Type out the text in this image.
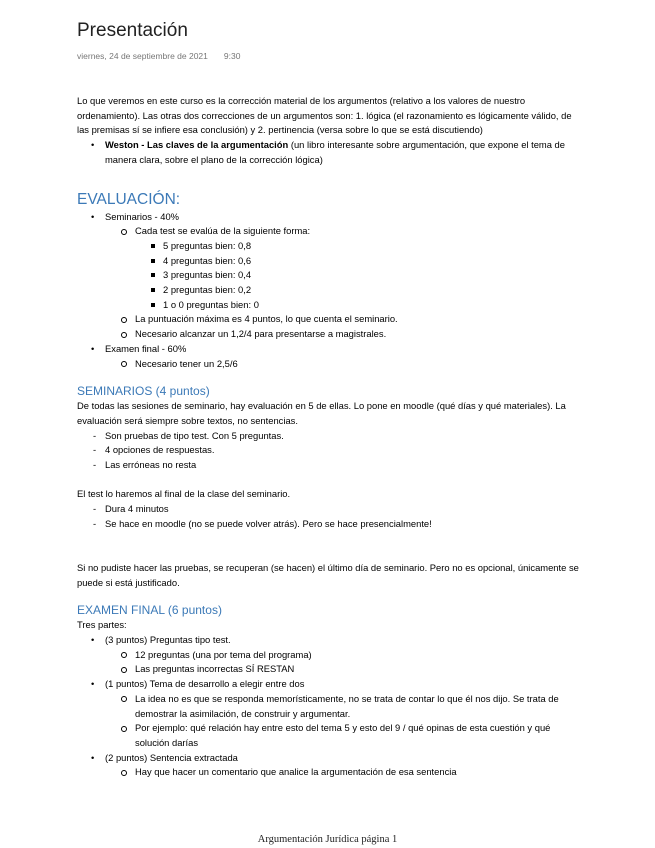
Presentación
viernes, 24 de septiembre de 2021 9:30

Lo que veremos en este curso es la corrección material de los argumentos (relativo a los valores de nuestro ordenamiento). Las otras dos correcciones de un argumentos son: 1. lógica (el razonamiento es lógicamente válido, de las premisas sí se infiere esa conclusión) y 2. pertinencia (versa sobre lo que se está discutiendo)

• Weston - Las claves de la argumentación (un libro interesante sobre argumentación, que expone el tema de manera clara, sobre el plano de la corrección lógica)
EVALUACIÓN:
• Seminarios - 40%
Cada test se evalúa de la siguiente forma:
5 preguntas bien: 0,8
4 preguntas bien: 0,6
3 preguntas bien: 0,4
2 preguntas bien: 0,2
1 o 0 preguntas bien: 0
La puntuación máxima es 4 puntos, lo que cuenta el seminario.
Necesario alcanzar un 1,2/4 para presentarse a magistrales.
• Examen final - 60%
Necesario tener un 2,5/6
SEMINARIOS (4 puntos)

De todas las sesiones de seminario, hay evaluación en 5 de ellas. Lo pone en moodle (qué días y qué materiales). La evaluación será siempre sobre textos, no sentencias.

- Son pruebas de tipo test. Con 5 preguntas.
- 4 opciones de respuestas.
- Las erróneas no resta

El test lo haremos al final de la clase del seminario.

- Dura 4 minutos
- Se hace en moodle (no se puede volver atrás). Pero se hace presencialmente!

Si no pudiste hacer las pruebas, se recuperan (se hacen) el último día de seminario. Pero no es opcional, únicamente se puede si está justificado.

EXAMEN FINAL (6 puntos)

Tres partes:

• (3 puntos) Preguntas tipo test.
12 preguntas (una por tema del programa)
Las preguntas incorrectas SÍ RESTAN
• (1 puntos) Tema de desarrollo a elegir entre dos
La idea no es que se responda memorísticamente, no se trata de contar lo que él nos dijo. Se trata de demostrar la asimilación, de construir y argumentar.
Por ejemplo: qué relación hay entre esto del tema 5 y esto del 9 / qué opinas de esta cuestión y qué solución darías
• (2 puntos) Sentencia extractada
Hay que hacer un comentario que analice la argumentación de esa sentencia
Argumentación Jurídica página 1
